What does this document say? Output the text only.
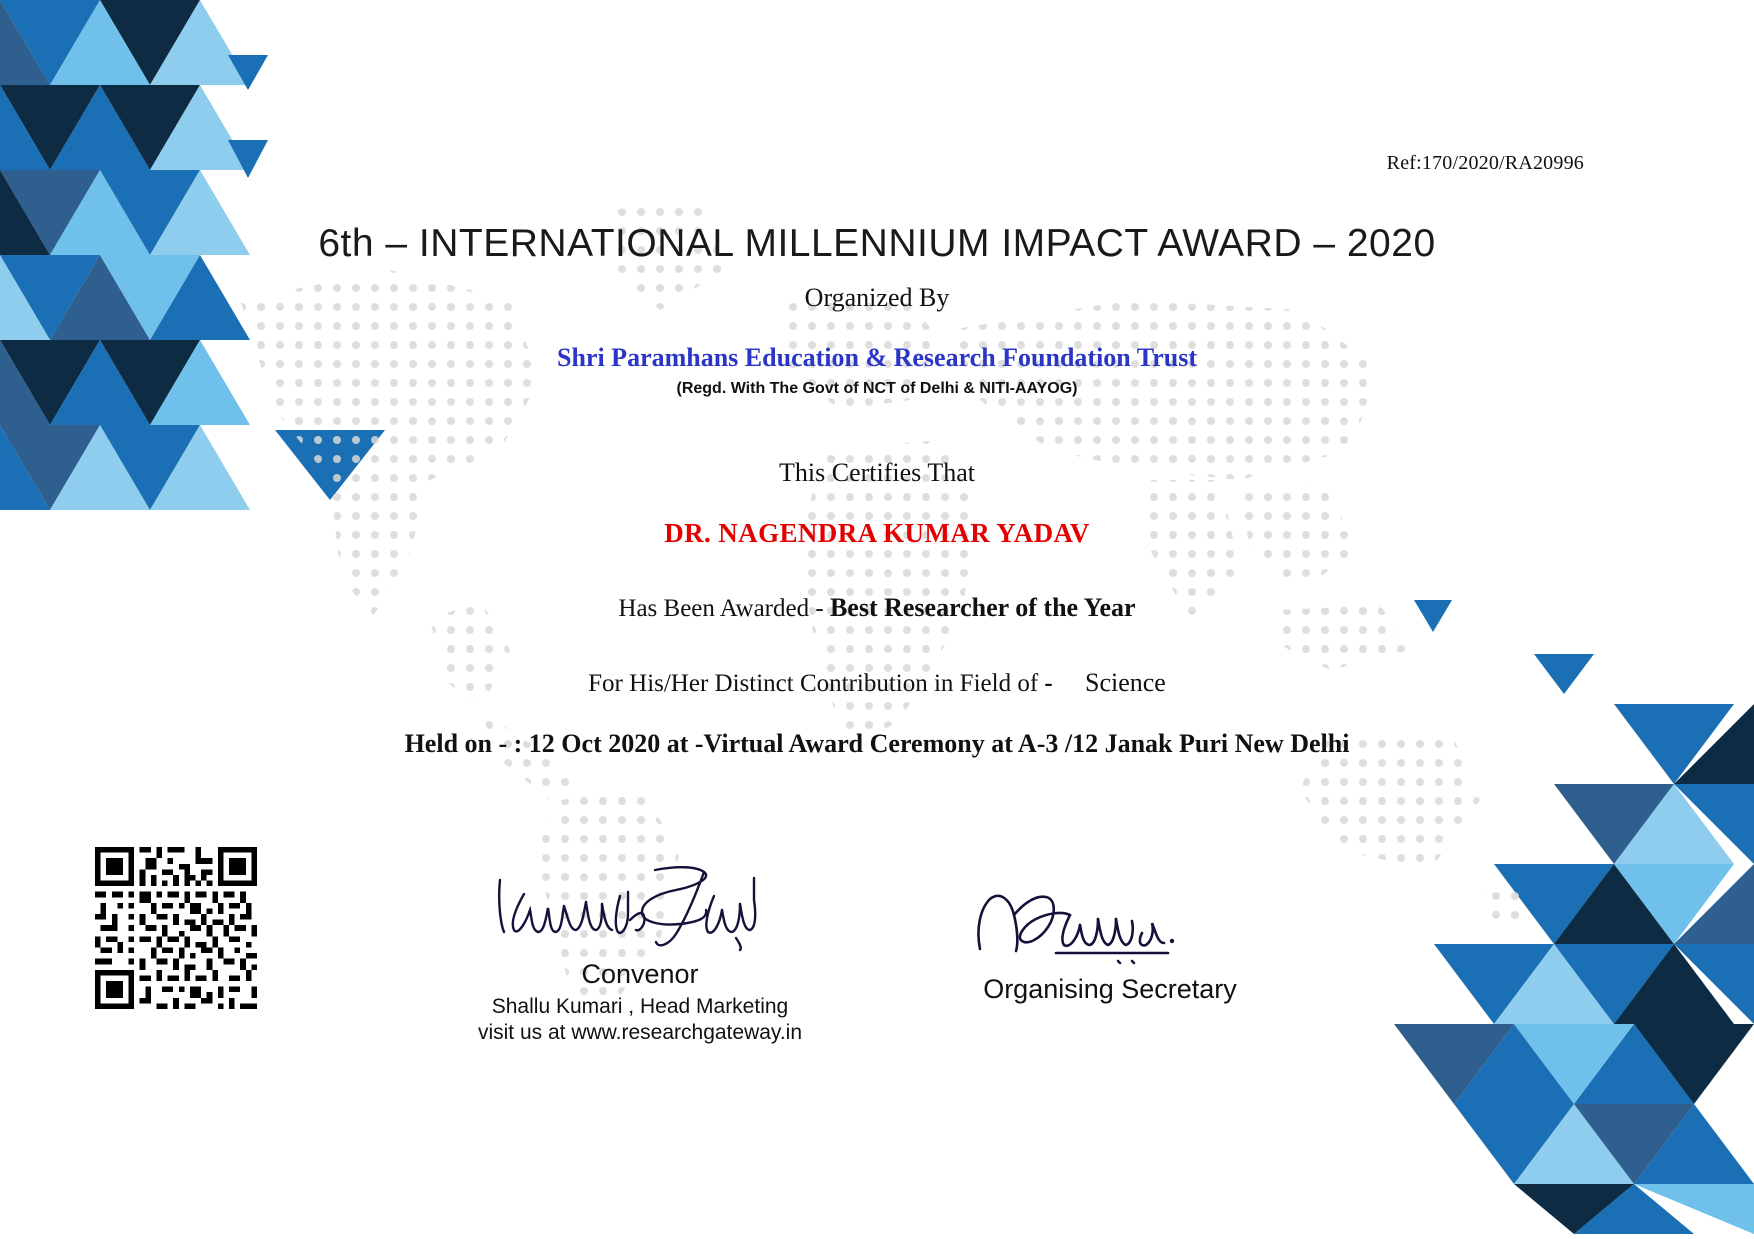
Ref:170/2020/RA20996
6th – INTERNATIONAL MILLENNIUM IMPACT AWARD – 2020
Organized By
Shri Paramhans Education & Research Foundation Trust
(Regd. With The Govt of NCT of Delhi & NITI-AAYOG)
This Certifies That
DR. NAGENDRA KUMAR YADAV
Has Been Awarded - Best Researcher of the Year
For His/Her Distinct Contribution in Field of - Science
Held on - : 12 Oct 2020 at -Virtual Award Ceremony at A-3 /12 Janak Puri New Delhi
Convenor
Shallu Kumari , Head Marketing
visit us at www.researchgateway.in
Organising Secretary
